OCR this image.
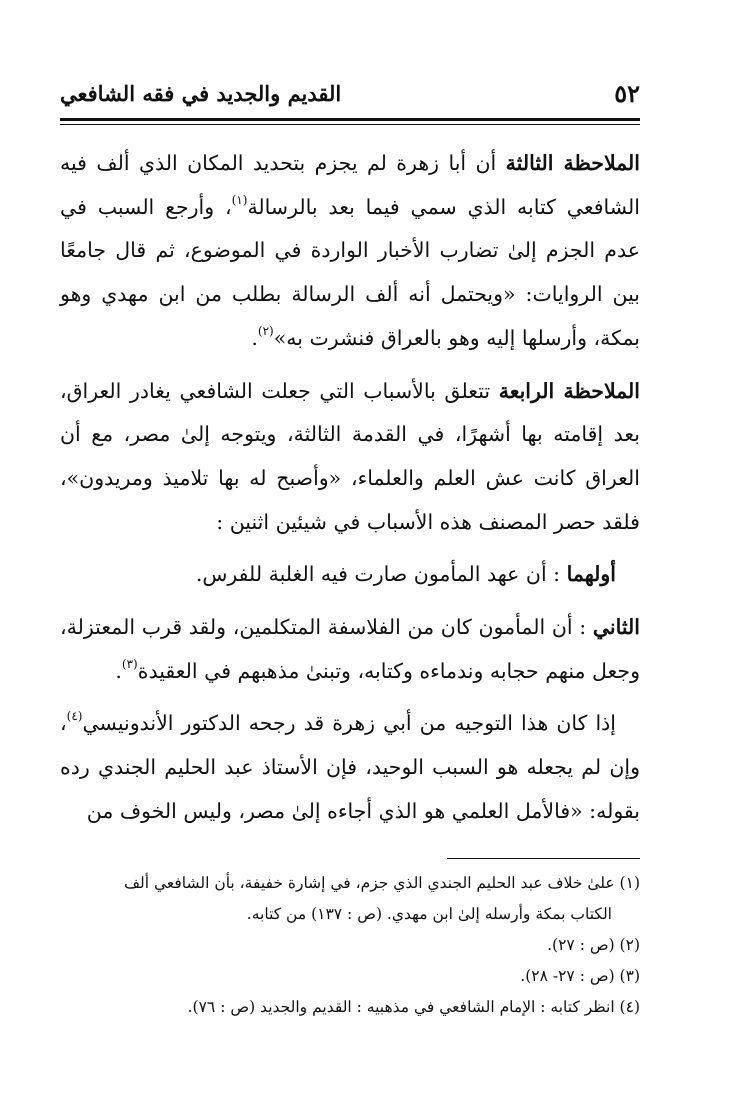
٥٢
القديم والجديد في فقه الشافعي

الملاحظة الثالثة أن أبا زهرة لم يجزم بتحديد المكان الذي ألف فيه الشافعي كتابه الذي سمي فيما بعد بالرسالة$^{(١)}$، وأرجع السبب في عدم الجزم إلىٰ تضارب الأخبار الواردة في الموضوع، ثم قال جامعًا بين الروايات: «ويحتمل أنه ألف الرسالة بطلب من ابن مهدي وهو بمكة، وأرسلها إليه وهو بالعراق فنشرت به»$^{(٢)}$.

الملاحظة الرابعة تتعلق بالأسباب التي جعلت الشافعي يغادر العراق، بعد إقامته بها أشهرًا، في القدمة الثالثة، ويتوجه إلىٰ مصر، مع أن العراق كانت عش العلم والعلماء، «وأصبح له بها تلاميذ ومريدون»، فلقد حصر المصنف هذه الأسباب في شيئين اثنين :

أولهما : أن عهد المأمون صارت فيه الغلبة للفرس.

الثاني : أن المأمون كان من الفلاسفة المتكلمين، ولقد قرب المعتزلة، وجعل منهم حجابه وندماءه وكتابه، وتبنىٰ مذهبهم في العقيدة$^{(٣)}$.

إذا كان هذا التوجيه من أبي زهرة قد رجحه الدكتور الأندونيسي$^{(٤)}$، وإن لم يجعله هو السبب الوحيد، فإن الأستاذ عبد الحليم الجندي رده بقوله: «فالأمل العلمي هو الذي أجاءه إلىٰ مصر، وليس الخوف من

(١) علىٰ خلاف عبد الحليم الجندي الذي جزم، في إشارة خفيفة، بأن الشافعي ألف

الكتاب بمكة وأرسله إلىٰ ابن مهدي. (ص : ١٣٧) من كتابه.

(٢) (ص : ٢٧).

(٣) (ص : ٢٧- ٢٨).

(٤) انظر كتابه : الإمام الشافعي في مذهبيه : القديم والجديد (ص : ٧٦).
